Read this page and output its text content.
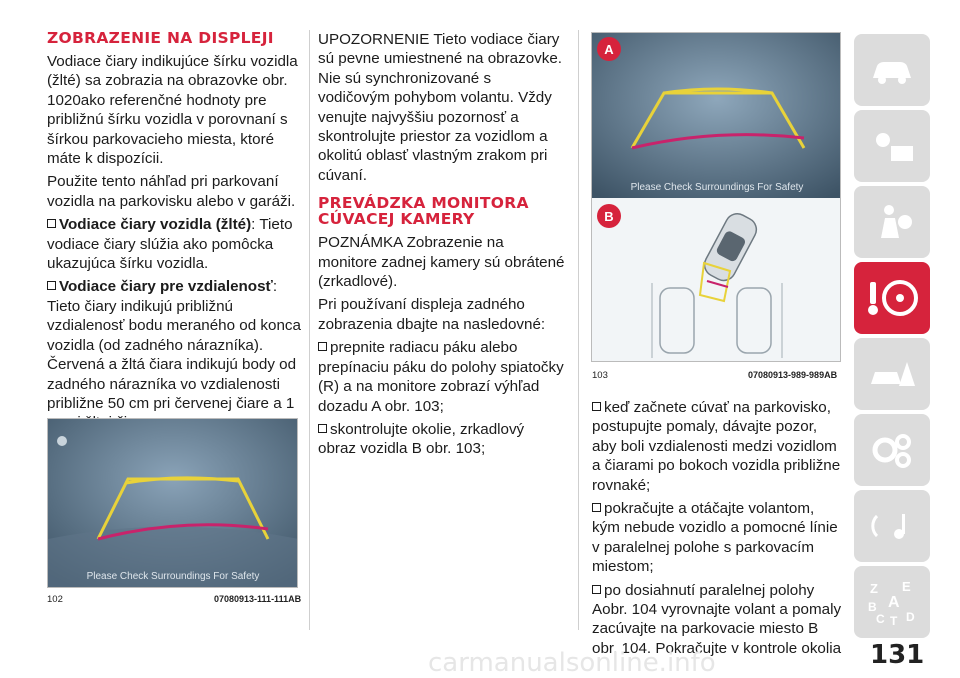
ZOBRAZENIE NA DISPLEJI

Vodiace čiary indikujúce šírku vozidla (žlté) sa zobrazia na obrazovke obr. 1020ako referenčné hodnoty pre približnú šírku vozidla v porovnaní s šírkou parkovacieho miesta, ktoré máte k dispozícii.

Použite tento náhľad pri parkovaní vozidla na parkovisku alebo v garáži.

Vodiace čiary vozidla (žlté): Tieto vodiace čiary slúžia ako pomôcka ukazujúca šírku vozidla.

Vodiace čiary pre vzdialenosť: Tieto čiary indikujú približnú vzdialenosť bodu meraného od konca vozidla (od zadného nárazníka). Červená a žltá čiara indikujú body od zadného nárazníka vo vzdialenosti približne 50 cm pri červenej čiare a 1

Please Check Surroundings For Safety
102	07080913-111-111AB

UPOZORNENIE Tieto vodiace čiary sú pevne umiestnené na obrazovke. Nie sú synchronizované s vodičovým pohybom volantu. Vždy venujte najvyššiu pozornosť a skontrolujte priestor za vozidlom a okolitú oblasť vlastným zrakom pri cúvaní.

PREVÁDZKA MONITORA CÚVACEJ KAMERY

POZNÁMKA Zobrazenie na monitore zadnej kamery sú obrátené (zrkadlové).

Pri používaní displeja zadného zobrazenia dbajte na nasledovné:

prepnite radiacu páku alebo prepínaciu páku do polohy spiatočky (R) a na monitore zobrazí výhľad dozadu A obr. 103;

skontrolujte okolie, zrkadlový obraz vozidla B obr. 103;

Please Check Surroundings For Safety
A
B
103	07080913-989-989AB

keď začnete cúvať na parkovisko, postupujte pomaly, dávajte pozor, aby boli vzdialenosti medzi vozidlom a čiarami po bokoch vozidla približne rovnaké;

pokračujte a otáčajte volantom, kým nebude vozidlo a pomocné línie v paralelnej polohe s parkovacím miestom;

po dosiahnutí paralelnej polohy Aobr. 104 vyrovnajte volant a pomaly zacúvajte na parkovacie miesto B obr. 104. Pokračujte v kontrole okolia

Z E
A
B
D
C T
131
carmanualsonline.info
